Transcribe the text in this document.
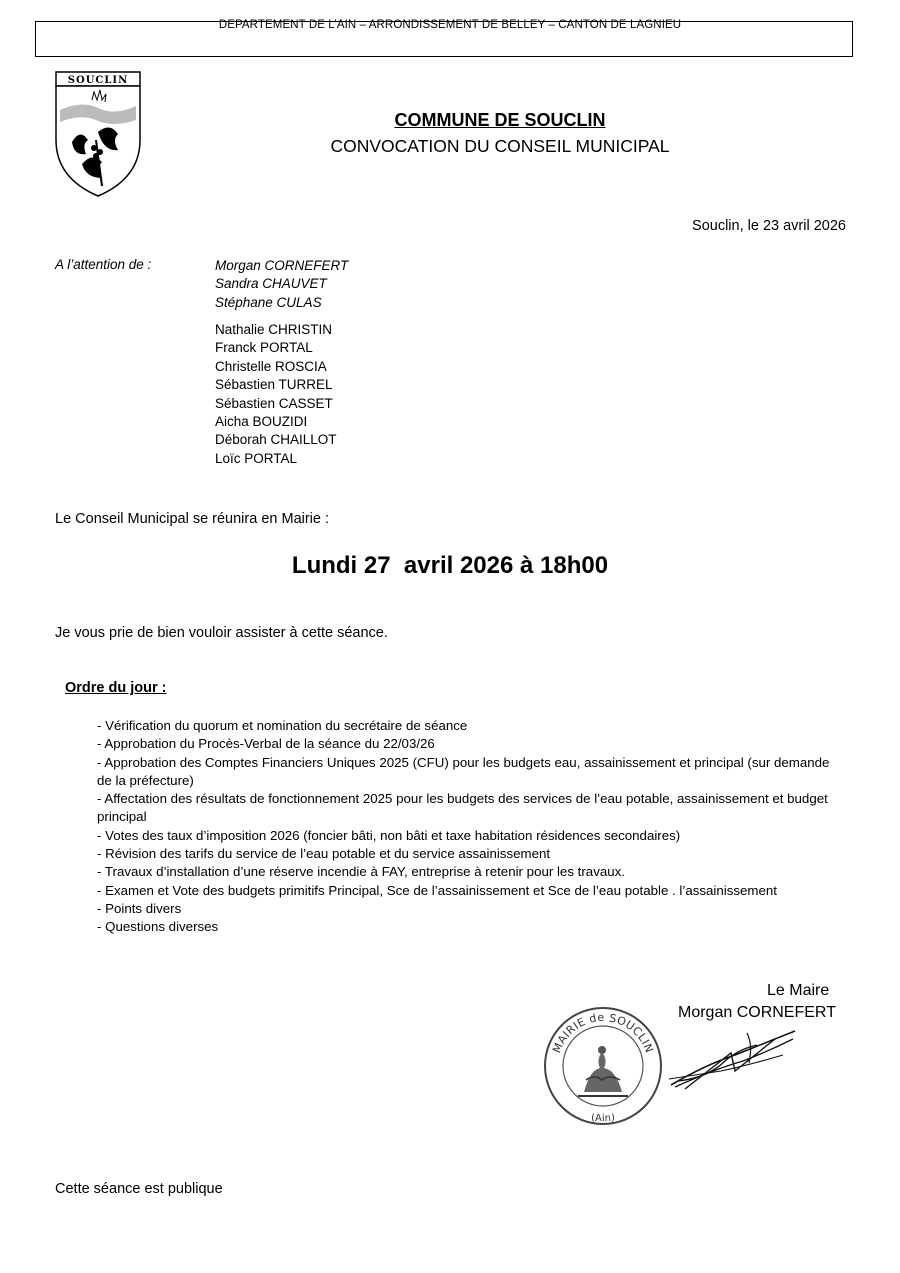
DEPARTEMENT DE L’AIN – ARRONDISSEMENT DE BELLEY – CANTON DE LAGNIEU
SOUCLIN
COMMUNE DE SOUCLIN
CONVOCATION DU CONSEIL MUNICIPAL
Souclin, le 23 avril 2026
A l’attention de :	Morgan CORNEFERT
Sandra CHAUVET
Stéphane CULAS
Nathalie CHRISTIN
Franck PORTAL
Christelle ROSCIA
Sébastien TURREL
Sébastien CASSET
Aicha BOUZIDI
Déborah CHAILLOT
Loïc PORTAL
Le Conseil Municipal se réunira en Mairie :
Lundi 27  avril 2026 à 18h00
Je vous prie de bien vouloir assister à cette séance.
Ordre du jour :
- Vérification du quorum et nomination du secrétaire de séance
- Approbation du Procès-Verbal de la séance du 22/03/26
- Approbation des Comptes Financiers Uniques 2025 (CFU) pour les budgets eau, assainissement et principal (sur demande de la préfecture)
- Affectation des résultats de fonctionnement 2025 pour les budgets des services de l’eau potable, assainissement et budget principal
- Votes des taux d’imposition 2026 (foncier bâti, non bâti et taxe habitation résidences secondaires)
- Révision des tarifs du service de l’eau potable et du service assainissement
- Travaux d’installation d’une réserve incendie à FAY, entreprise à retenir pour les travaux.
- Examen et Vote des budgets primitifs Principal, Sce de l’assainissement et Sce de l’eau potable . l’assainissement
- Points divers
- Questions diverses
Le Maire
Morgan CORNEFERT
MAIRIE de SOUCLIN
(Ain)
Cette séance est publique
